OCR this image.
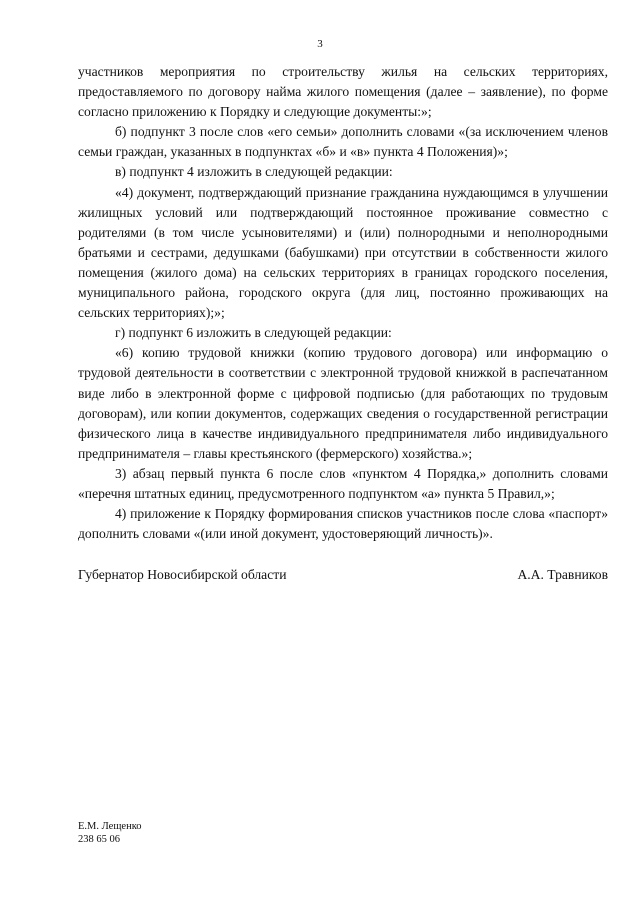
3

участников мероприятия по строительству жилья на сельских территориях, предоставляемого по договору найма жилого помещения (далее – заявление), по форме согласно приложению к Порядку и следующие документы:»;

б) подпункт 3 после слов «его семьи» дополнить словами «(за исключением членов семьи граждан, указанных в подпунктах «б» и «в» пункта 4 Положения)»;

в) подпункт 4 изложить в следующей редакции:

«4) документ, подтверждающий признание гражданина нуждающимся в улучшении жилищных условий или подтверждающий постоянное проживание совместно с родителями (в том числе усыновителями) и (или) полнородными и неполнородными братьями и сестрами, дедушками (бабушками) при отсутствии в собственности жилого помещения (жилого дома) на сельских территориях в границах городского поселения, муниципального района, городского округа (для лиц, постоянно проживающих на сельских территориях);»;

г) подпункт 6 изложить в следующей редакции:

«6) копию трудовой книжки (копию трудового договора) или информацию о трудовой деятельности в соответствии с электронной трудовой книжкой в распечатанном виде либо в электронной форме с цифровой подписью (для работающих по трудовым договорам), или копии документов, содержащих сведения о государственной регистрации физического лица в качестве индивидуального предпринимателя либо индивидуального предпринимателя – главы крестьянского (фермерского) хозяйства.»;

3) абзац первый пункта 6 после слов «пунктом 4 Порядка,» дополнить словами «перечня штатных единиц, предусмотренного подпунктом «а» пункта 5 Правил,»;

4) приложение к Порядку формирования списков участников после слова «паспорт» дополнить словами «(или иной документ, удостоверяющий личность)».

Губернатор Новосибирской области	А.А. Травников
Е.М. Лещенко
238 65 06
